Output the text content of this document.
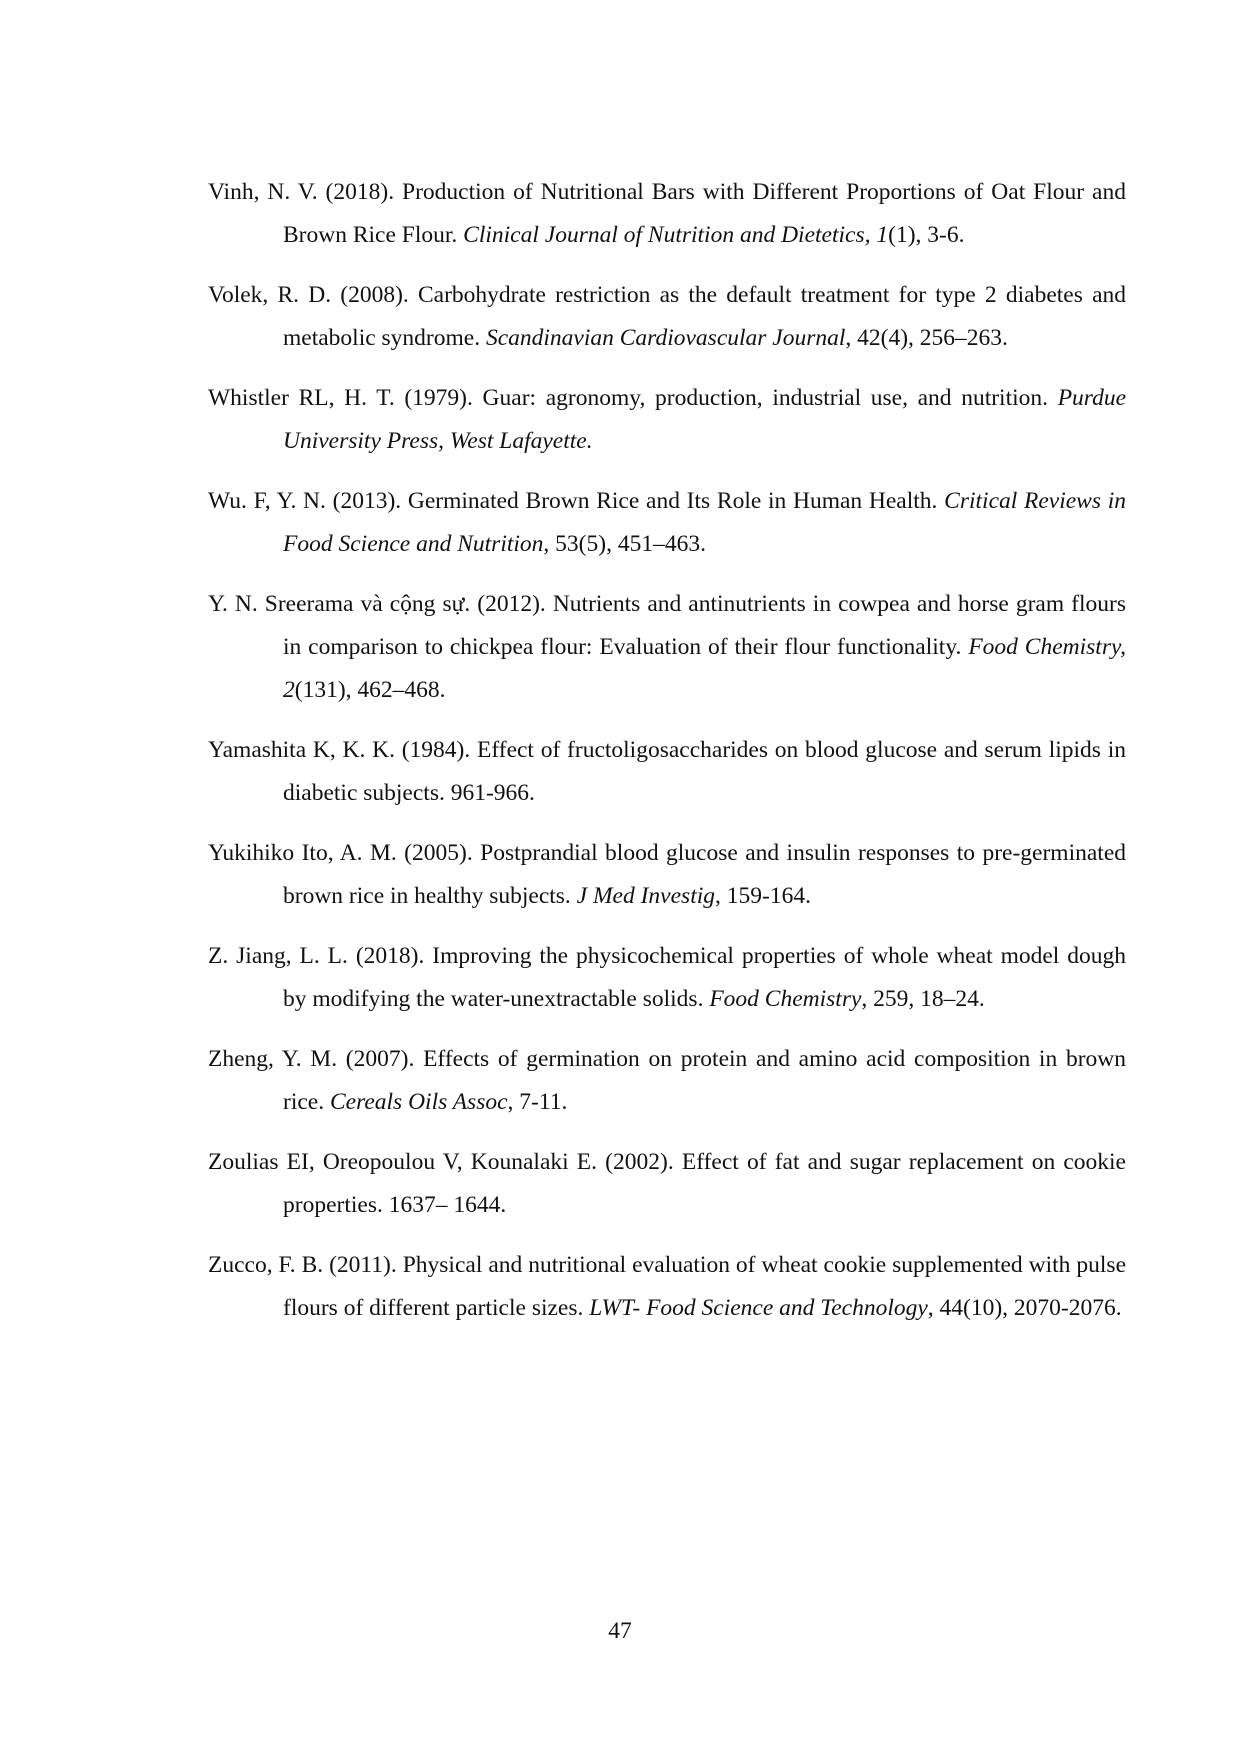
Vinh, N. V. (2018). Production of Nutritional Bars with Different Proportions of Oat Flour and Brown Rice Flour. Clinical Journal of Nutrition and Dietetics, 1(1), 3-6.

Volek, R. D. (2008). Carbohydrate restriction as the default treatment for type 2 diabetes and metabolic syndrome. Scandinavian Cardiovascular Journal, 42(4), 256–263.

Whistler RL, H. T. (1979). Guar: agronomy, production, industrial use, and nutrition. Purdue University Press, West Lafayette.

Wu. F, Y. N. (2013). Germinated Brown Rice and Its Role in Human Health. Critical Reviews in Food Science and Nutrition, 53(5), 451–463.

Y. N. Sreerama và cộng sự. (2012). Nutrients and antinutrients in cowpea and horse gram flours in comparison to chickpea flour: Evaluation of their flour functionality. Food Chemistry, 2(131), 462–468.

Yamashita K, K. K. (1984). Effect of fructoligosaccharides on blood glucose and serum lipids in diabetic subjects. 961-966.

Yukihiko Ito, A. M. (2005). Postprandial blood glucose and insulin responses to pre-germinated brown rice in healthy subjects. J Med Investig, 159-164.

Z. Jiang, L. L. (2018). Improving the physicochemical properties of whole wheat model dough by modifying the water-unextractable solids. Food Chemistry, 259, 18–24.

Zheng, Y. M. (2007). Effects of germination on protein and amino acid composition in brown rice. Cereals Oils Assoc, 7-11.

Zoulias EI, Oreopoulou V, Kounalaki E. (2002). Effect of fat and sugar replacement on cookie properties. 1637– 1644.

Zucco, F. B. (2011). Physical and nutritional evaluation of wheat cookie supplemented with pulse flours of different particle sizes. LWT- Food Science and Technology, 44(10), 2070-2076.

47
